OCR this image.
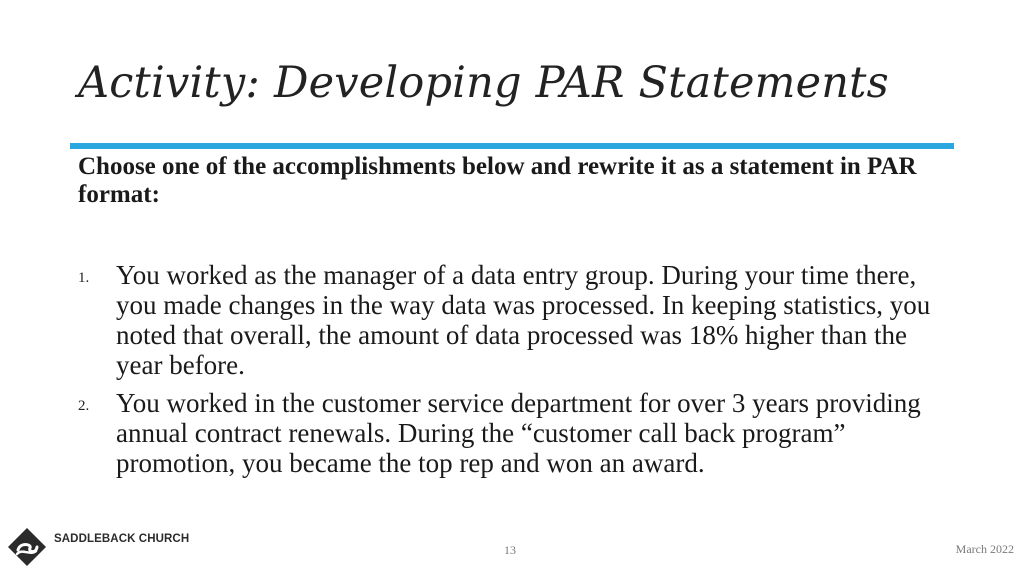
Activity: Developing PAR Statements
Choose one of the accomplishments below and rewrite it as a statement in PAR format:
1. You worked as the manager of a data entry group. During your time there, you made changes in the way data was processed. In keeping statistics, you noted that overall, the amount of data processed was 18% higher than the year before.
2. You worked in the customer service department for over 3 years providing annual contract renewals. During the “customer call back program” promotion, you became the top rep and won an award.
SADDLEBACK CHURCH
13	March 2022
